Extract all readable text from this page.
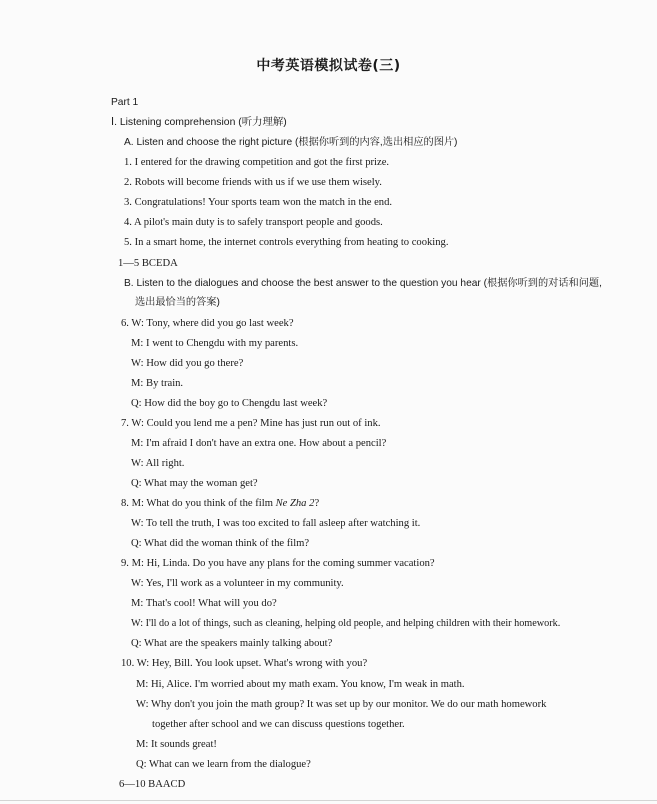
中考英语模拟试卷(三)
Part 1
Ⅰ. Listening comprehension (听力理解)
A. Listen and choose the right picture (根据你听到的内容,选出相应的图片)
1. I entered for the drawing competition and got the first prize.
2. Robots will become friends with us if we use them wisely.
3. Congratulations! Your sports team won the match in the end.
4. A pilot's main duty is to safely transport people and goods.
5. In a smart home, the internet controls everything from heating to cooking.
1—5 BCEDA
B. Listen to the dialogues and choose the best answer to the question you hear (根据你听到的对话和问题,
选出最恰当的答案)
6. W: Tony, where did you go last week?
M: I went to Chengdu with my parents.
W: How did you go there?
M: By train.
Q: How did the boy go to Chengdu last week?
7. W: Could you lend me a pen? Mine has just run out of ink.
M: I'm afraid I don't have an extra one. How about a pencil?
W: All right.
Q: What may the woman get?
8. M: What do you think of the film Ne Zha 2?
W: To tell the truth, I was too excited to fall asleep after watching it.
Q: What did the woman think of the film?
9. M: Hi, Linda. Do you have any plans for the coming summer vacation?
W: Yes, I'll work as a volunteer in my community.
M: That's cool! What will you do?
W: I'll do a lot of things, such as cleaning, helping old people, and helping children with their homework.
Q: What are the speakers mainly talking about?
10. W: Hey, Bill. You look upset. What's wrong with you?
M: Hi, Alice. I'm worried about my math exam. You know, I'm weak in math.
W: Why don't you join the math group? It was set up by our monitor. We do our math homework
together after school and we can discuss questions together.
M: It sounds great!
Q: What can we learn from the dialogue?
6—10 BAACD
